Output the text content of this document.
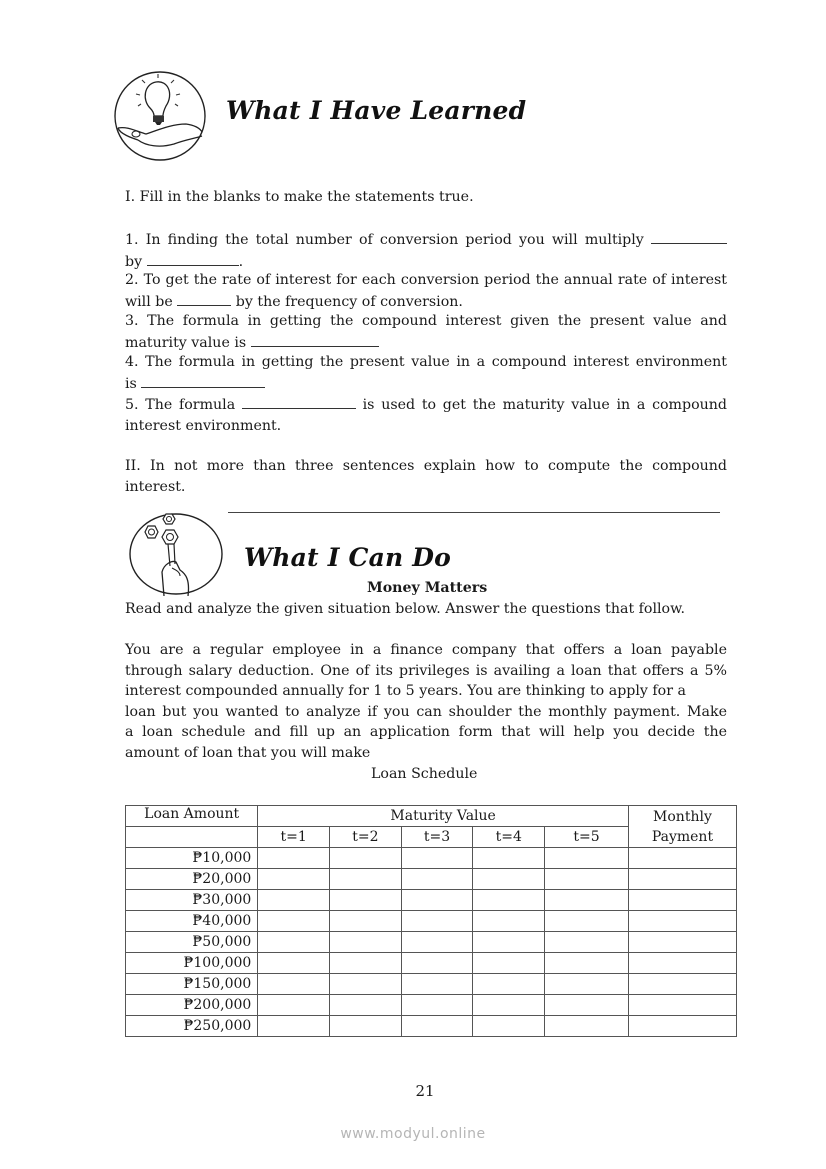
What I Have Learned
I. Fill in the blanks to make the statements true.
1. In finding the total number of conversion period you will multiply
by	.
2. To get the rate of interest for each conversion period the annual rate of interest
will be	by the frequency of conversion.
3. The formula in getting the compound interest given the present value and
maturity value is
4. The formula in getting the present value in a compound interest environment
is
5. The formula	is used to get the maturity value in a compound
interest environment.
II. In not more than three sentences explain how to compute the compound interest.
What I Can Do
Money Matters
Read and analyze the given situation below. Answer the questions that follow.
You are a regular employee in a finance company that offers a loan payable
through salary deduction. One of its privileges is availing a loan that offers a 5%
interest compounded annually for 1 to 5 years. You are thinking to apply for a
loan but you wanted to analyze if you can shoulder the monthly payment. Make
a loan schedule and fill up an application form that will help you decide the
amount of loan that you will make
Loan Schedule
Loan Amount	Maturity Value					Monthly
Payment
	t=1	t=2	t=3	t=4	t=5	
₱10,000						
₱20,000						
₱30,000						
₱40,000						
₱50,000						
₱100,000						
₱150,000						
₱200,000						
₱250,000						
21
www.modyul.online
